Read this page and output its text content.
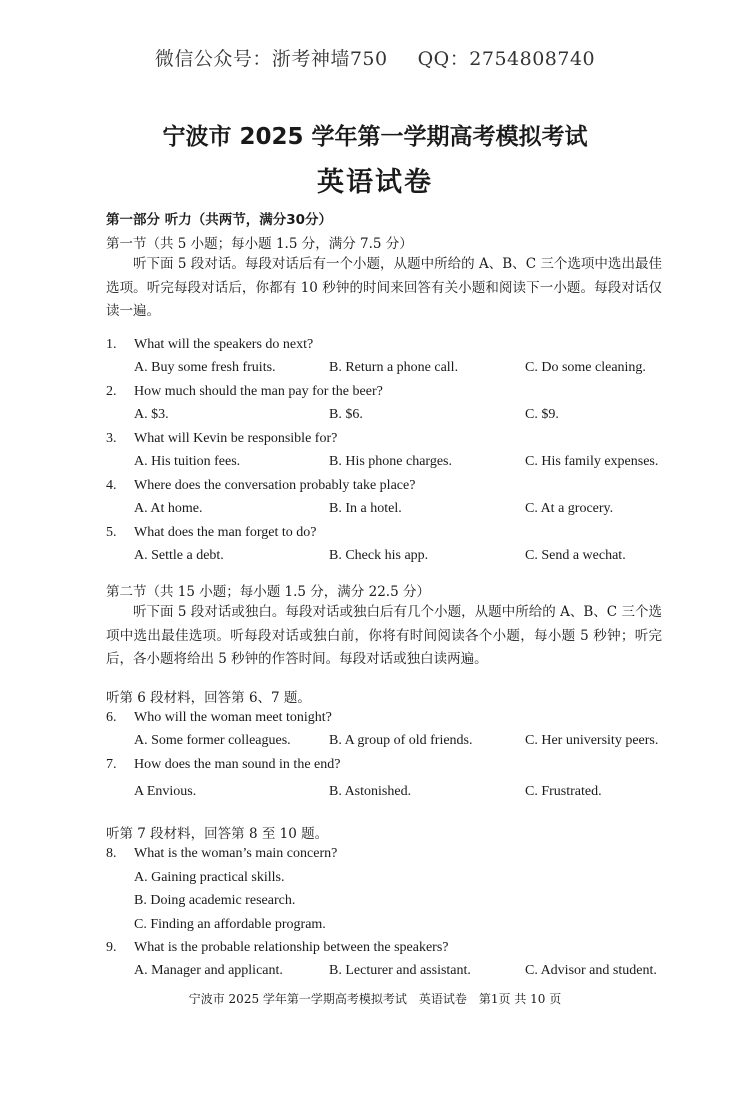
微信公众号：浙考神墙750 QQ：2754808740
宁波市 2025 学年第一学期高考模拟考试
英语试卷
第一部分 听力（共两节，满分30分）
第一节（共 5 小题；每小题 1.5 分，满分 7.5 分）
听下面 5 段对话。每段对话后有一个小题，从题中所给的 A、B、C 三个选项中选出最佳选项。听完每段对话后，你都有 10 秒钟的时间来回答有关小题和阅读下一小题。每段对话仅读一遍。
1. What will the speakers do next?
A. Buy some fresh fruits.	B. Return a phone call.	C. Do some cleaning.
2. How much should the man pay for the beer?
A. $3.	B. $6.	C. $9.
3. What will Kevin be responsible for?
A. His tuition fees.	B. His phone charges.	C. His family expenses.
4. Where does the conversation probably take place?
A. At home.	B. In a hotel.	C. At a grocery.
5. What does the man forget to do?
A. Settle a debt.	B. Check his app.	C. Send a wechat.
第二节（共 15 小题；每小题 1.5 分，满分 22.5 分）
听下面 5 段对话或独白。每段对话或独白后有几个小题，从题中所给的 A、B、C 三个选项中选出最佳选项。听每段对话或独白前，你将有时间阅读各个小题，每小题 5 秒钟；听完后，各小题将给出 5 秒钟的作答时间。每段对话或独白读两遍。
听第 6 段材料，回答第 6、7 题。
6. Who will the woman meet tonight?
A. Some former colleagues.	B. A group of old friends.	C. Her university peers.
7. How does the man sound in the end?
A Envious.	B. Astonished.	C. Frustrated.
听第 7 段材料，回答第 8 至 10 题。
8. What is the woman’s main concern?
A. Gaining practical skills.
B. Doing academic research.
C. Finding an affordable program.
9. What is the probable relationship between the speakers?
A. Manager and applicant.	B. Lecturer and assistant.	C. Advisor and student.
宁波市 2025 学年第一学期高考模拟考试　英语试卷　第1页 共 10 页
